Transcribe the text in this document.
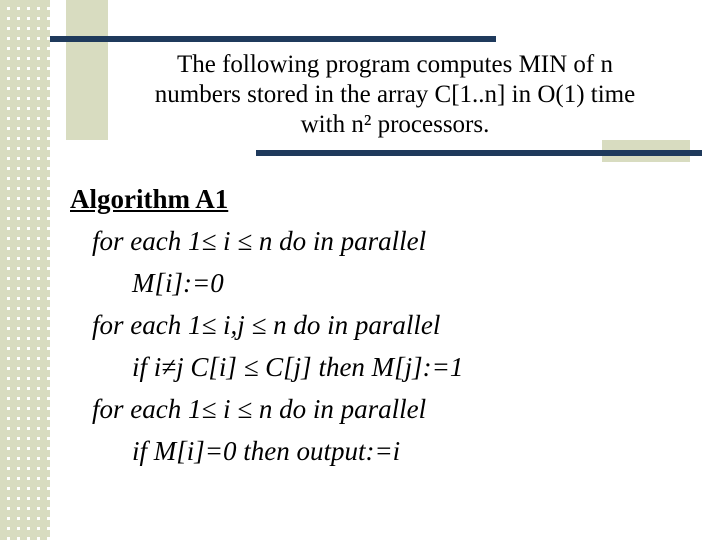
The following program computes MIN of n
numbers stored in the array C[1..n] in O(1) time
with n² processors.
Algorithm A1
for each 1≤ i ≤ n do in parallel
M[i]:=0
for each 1≤ i,j ≤ n do in parallel
if i≠j C[i] ≤ C[j] then M[j]:=1
for each 1≤ i ≤ n do in parallel
if M[i]=0 then output:=i
